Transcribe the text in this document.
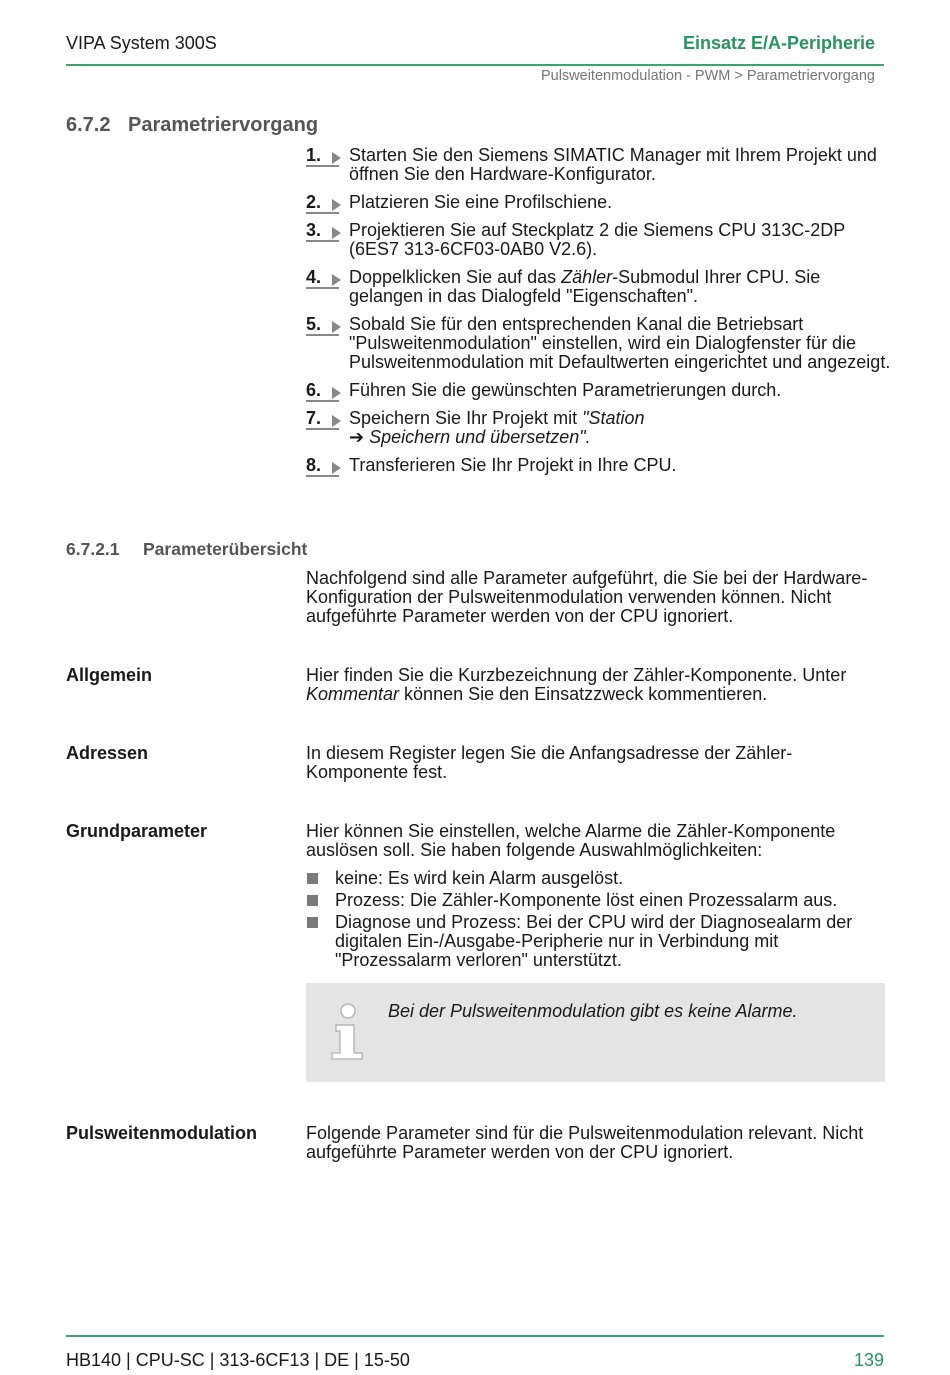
VIPA System 300S	Einsatz E/A-Peripherie
Pulsweitenmodulation - PWM > Parametriervorgang
6.7.2 Parametriervorgang
1.	Starten Sie den Siemens SIMATIC Manager mit Ihrem Projekt und öffnen Sie den Hardware-Konfigurator.
2.	Platzieren Sie eine Profilschiene.
3.	Projektieren Sie auf Steckplatz 2 die Siemens CPU 313C-2DP (6ES7 313-6CF03-0AB0 V2.6).
4.	Doppelklicken Sie auf das Zähler-Submodul Ihrer CPU. Sie gelangen in das Dialogfeld "Eigenschaften".
5.	Sobald Sie für den entsprechenden Kanal die Betriebsart "Pulsweitenmodulation" einstellen, wird ein Dialogfenster für die Pulsweitenmodulation mit Defaultwerten eingerichtet und angezeigt.
6.	Führen Sie die gewünschten Parametrierungen durch.
7.	Speichern Sie Ihr Projekt mit "Station
➔ Speichern und übersetzen".
8.	Transferieren Sie Ihr Projekt in Ihre CPU.
6.7.2.1 Parameterübersicht
Nachfolgend sind alle Parameter aufgeführt, die Sie bei der Hardware-Konfiguration der Pulsweitenmodulation verwenden können. Nicht aufgeführte Parameter werden von der CPU ignoriert.
Allgemein	Hier finden Sie die Kurzbezeichnung der Zähler-Komponente. Unter Kommentar können Sie den Einsatzzweck kommentieren.
Adressen	In diesem Register legen Sie die Anfangsadresse der Zähler-Komponente fest.
Grundparameter	Hier können Sie einstellen, welche Alarme die Zähler-Komponente auslösen soll. Sie haben folgende Auswahlmöglichkeiten:
keine: Es wird kein Alarm ausgelöst.
Prozess: Die Zähler-Komponente löst einen Prozessalarm aus.
Diagnose und Prozess: Bei der CPU wird der Diagnosealarm der digitalen Ein-/Ausgabe-Peripherie nur in Verbindung mit "Prozessalarm verloren" unterstützt.
Bei der Pulsweitenmodulation gibt es keine Alarme.
Pulsweitenmodulation	Folgende Parameter sind für die Pulsweitenmodulation relevant. Nicht aufgeführte Parameter werden von der CPU ignoriert.
HB140 | CPU-SC | 313-6CF13 | DE | 15-50	139
